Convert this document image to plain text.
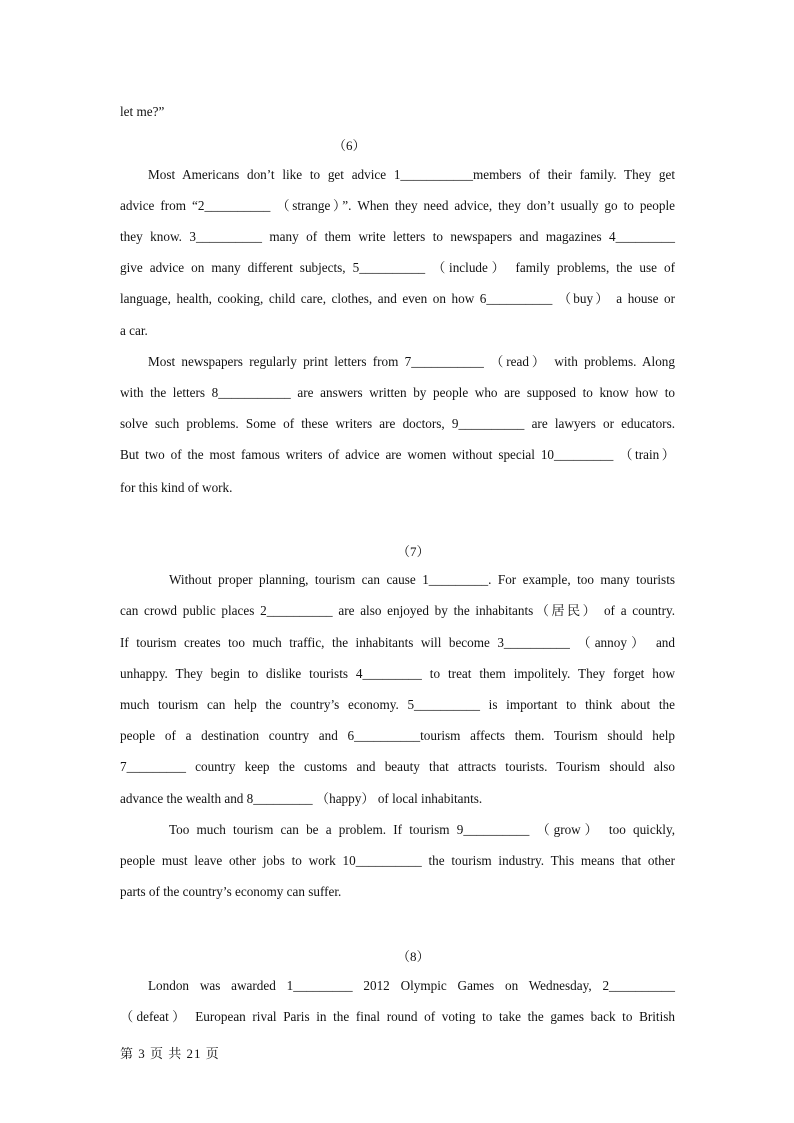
let me?”
（6）
Most Americans don’t like to get advice 1___________members of their family. They get
advice from “2__________ （strange）”. When they need advice, they don’t usually go to people
they know. 3__________ many of them write letters to newspapers and magazines 4_________
give advice on many different subjects, 5__________ （include） family problems, the use of
language, health, cooking, child care, clothes, and even on how 6__________ （buy） a house or
a car.
Most newspapers regularly print letters from 7___________ （read） with problems. Along
with the letters 8___________ are answers written by people who are supposed to know how to
solve such problems. Some of these writers are doctors, 9__________ are lawyers or educators.
But two of the most famous writers of advice are women without special 10_________ （train）
for this kind of work.
（7）
Without proper planning, tourism can cause 1_________. For example, too many tourists
can crowd public places 2__________ are also enjoyed by the inhabitants（居民） of a country.
If tourism creates too much traffic, the inhabitants will become 3__________ （annoy） and
unhappy. They begin to dislike tourists 4_________ to treat them impolitely. They forget how
much tourism can help the country’s economy. 5__________ is important to think about the
people of a destination country and 6__________tourism affects them. Tourism should help
7_________ country keep the customs and beauty that attracts tourists. Tourism should also
advance the wealth and 8_________ （happy） of local inhabitants.
Too much tourism can be a problem. If tourism 9__________ （grow） too quickly,
people must leave other jobs to work 10__________ the tourism industry. This means that other
parts of the country’s economy can suffer.
（8）
London was awarded 1_________ 2012 Olympic Games on Wednesday, 2__________
（defeat） European rival Paris in the final round of voting to take the games back to British
第 3 页 共 21 页
